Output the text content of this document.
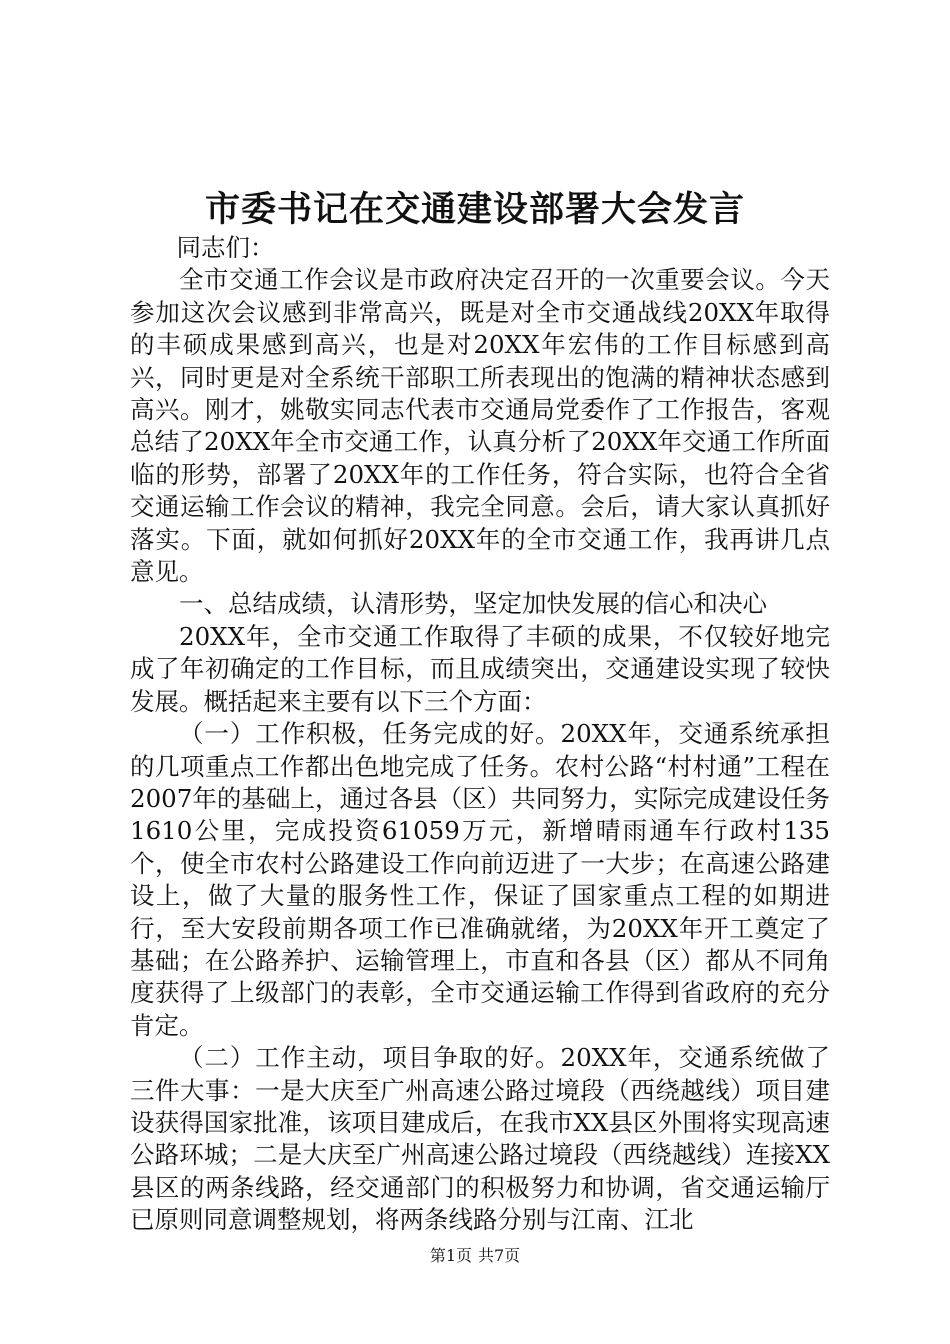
市委书记在交通建设部署大会发言

同志们：

全市交通工作会议是市政府决定召开的一次重要会议。今天参加这次会议感到非常高兴，既是对全市交通战线20XX年取得的丰硕成果感到高兴，也是对20XX年宏伟的工作目标感到高兴，同时更是对全系统干部职工所表现出的饱满的精神状态感到高兴。刚才，姚敬实同志代表市交通局党委作了工作报告，客观总结了20XX年全市交通工作，认真分析了20XX年交通工作所面临的形势，部署了20XX年的工作任务，符合实际，也符合全省交通运输工作会议的精神，我完全同意。会后，请大家认真抓好落实。下面，就如何抓好20XX年的全市交通工作，我再讲几点意见。

一、总结成绩，认清形势，坚定加快发展的信心和决心

20XX年，全市交通工作取得了丰硕的成果，不仅较好地完成了年初确定的工作目标，而且成绩突出，交通建设实现了较快发展。概括起来主要有以下三个方面：

（一）工作积极，任务完成的好。20XX年，交通系统承担的几项重点工作都出色地完成了任务。农村公路“村村通”工程在2007年的基础上，通过各县（区）共同努力，实际完成建设任务1610公里，完成投资61059万元，新增晴雨通车行政村135个，使全市农村公路建设工作向前迈进了一大步；在高速公路建设上，做了大量的服务性工作，保证了国家重点工程的如期进行，至大安段前期各项工作已准确就绪，为20XX年开工奠定了基础；在公路养护、运输管理上，市直和各县（区）都从不同角度获得了上级部门的表彰，全市交通运输工作得到省政府的充分肯定。

（二）工作主动，项目争取的好。20XX年，交通系统做了三件大事：一是大庆至广州高速公路过境段（西绕越线）项目建设获得国家批准，该项目建成后，在我市XX县区外围将实现高速公路环城；二是大庆至广州高速公路过境段（西绕越线）连接XX县区的两条线路，经交通部门的积极努力和协调，省交通运输厅已原则同意调整规划，将两条线路分别与江南、江北

第1页 共7页
